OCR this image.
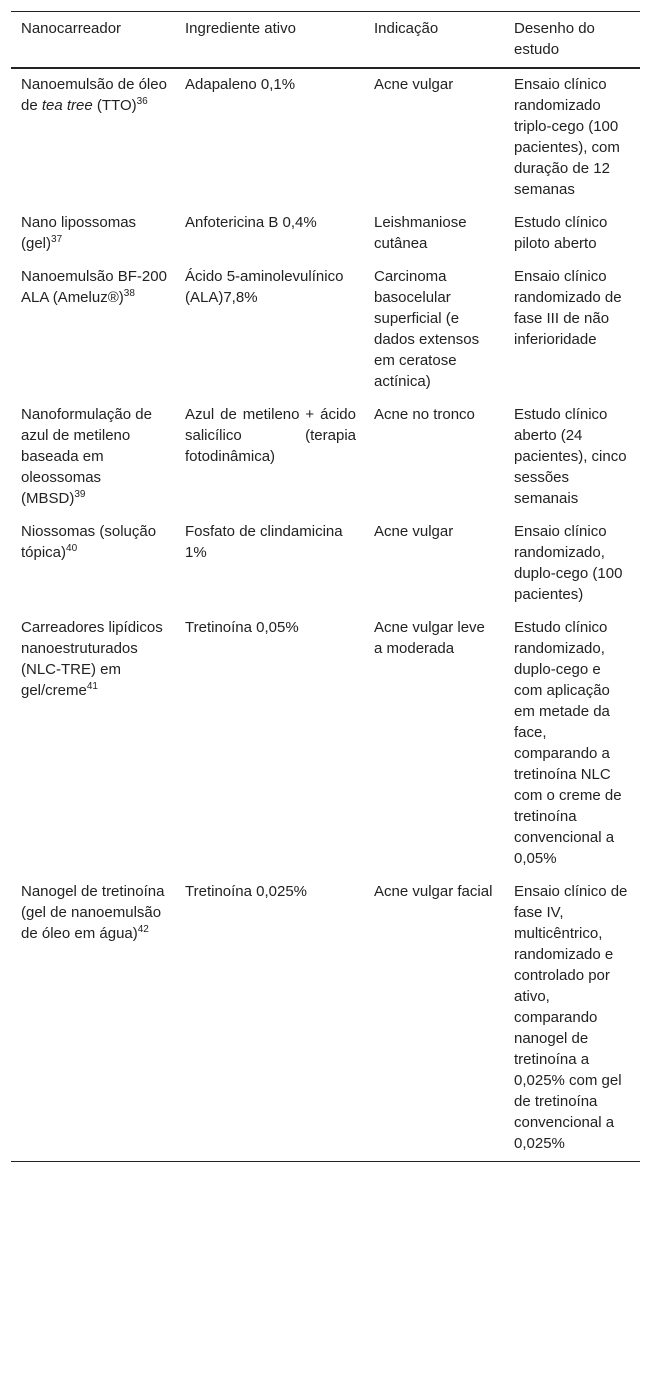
Nanocarreador	Ingrediente ativo	Indicação	Desenho do estudo
Nanoemulsão de óleo de tea tree (TTO)$^{36}$	Adapaleno 0,1%	Acne vulgar	Ensaio clínico randomizado triplo-cego (100 pacientes), com duração de 12 semanas
Nano lipossomas (gel)$^{37}$	Anfotericina B 0,4%	Leishmaniose cutânea	Estudo clínico piloto aberto
Nanoemulsão BF-200 ALA (Ameluz®)$^{38}$	Ácido 5-aminolevulínico (ALA)7,8%	Carcinoma basocelular superficial (e dados extensos em ceratose actínica)	Ensaio clínico randomizado de fase III de não inferioridade
Nanoformulação de azul de metileno baseada em oleossomas (MBSD)$^{39}$	Azul de metileno + ácido salicílico (terapia fotodinâmica)	Acne no tronco	Estudo clínico aberto (24 pacientes), cinco sessões semanais
Niossomas (solução tópica)$^{40}$	Fosfato de clindamicina 1%	Acne vulgar	Ensaio clínico randomizado, duplo-cego (100 pacientes)
Carreadores lipídicos nanoestruturados (NLC-TRE) em gel/creme$^{41}$	Tretinoína 0,05%	Acne vulgar leve a moderada	Estudo clínico randomizado, duplo-cego e com aplicação em metade da face, comparando a tretinoína NLC com o creme de tretinoína convencional a 0,05%
Nanogel de tretinoína (gel de nanoemulsão de óleo em água)$^{42}$	Tretinoína 0,025%	Acne vulgar facial	Ensaio clínico de fase IV, multicêntrico, randomizado e controlado por ativo, comparando nanogel de tretinoína a 0,025% com gel de tretinoína convencional a 0,025%
